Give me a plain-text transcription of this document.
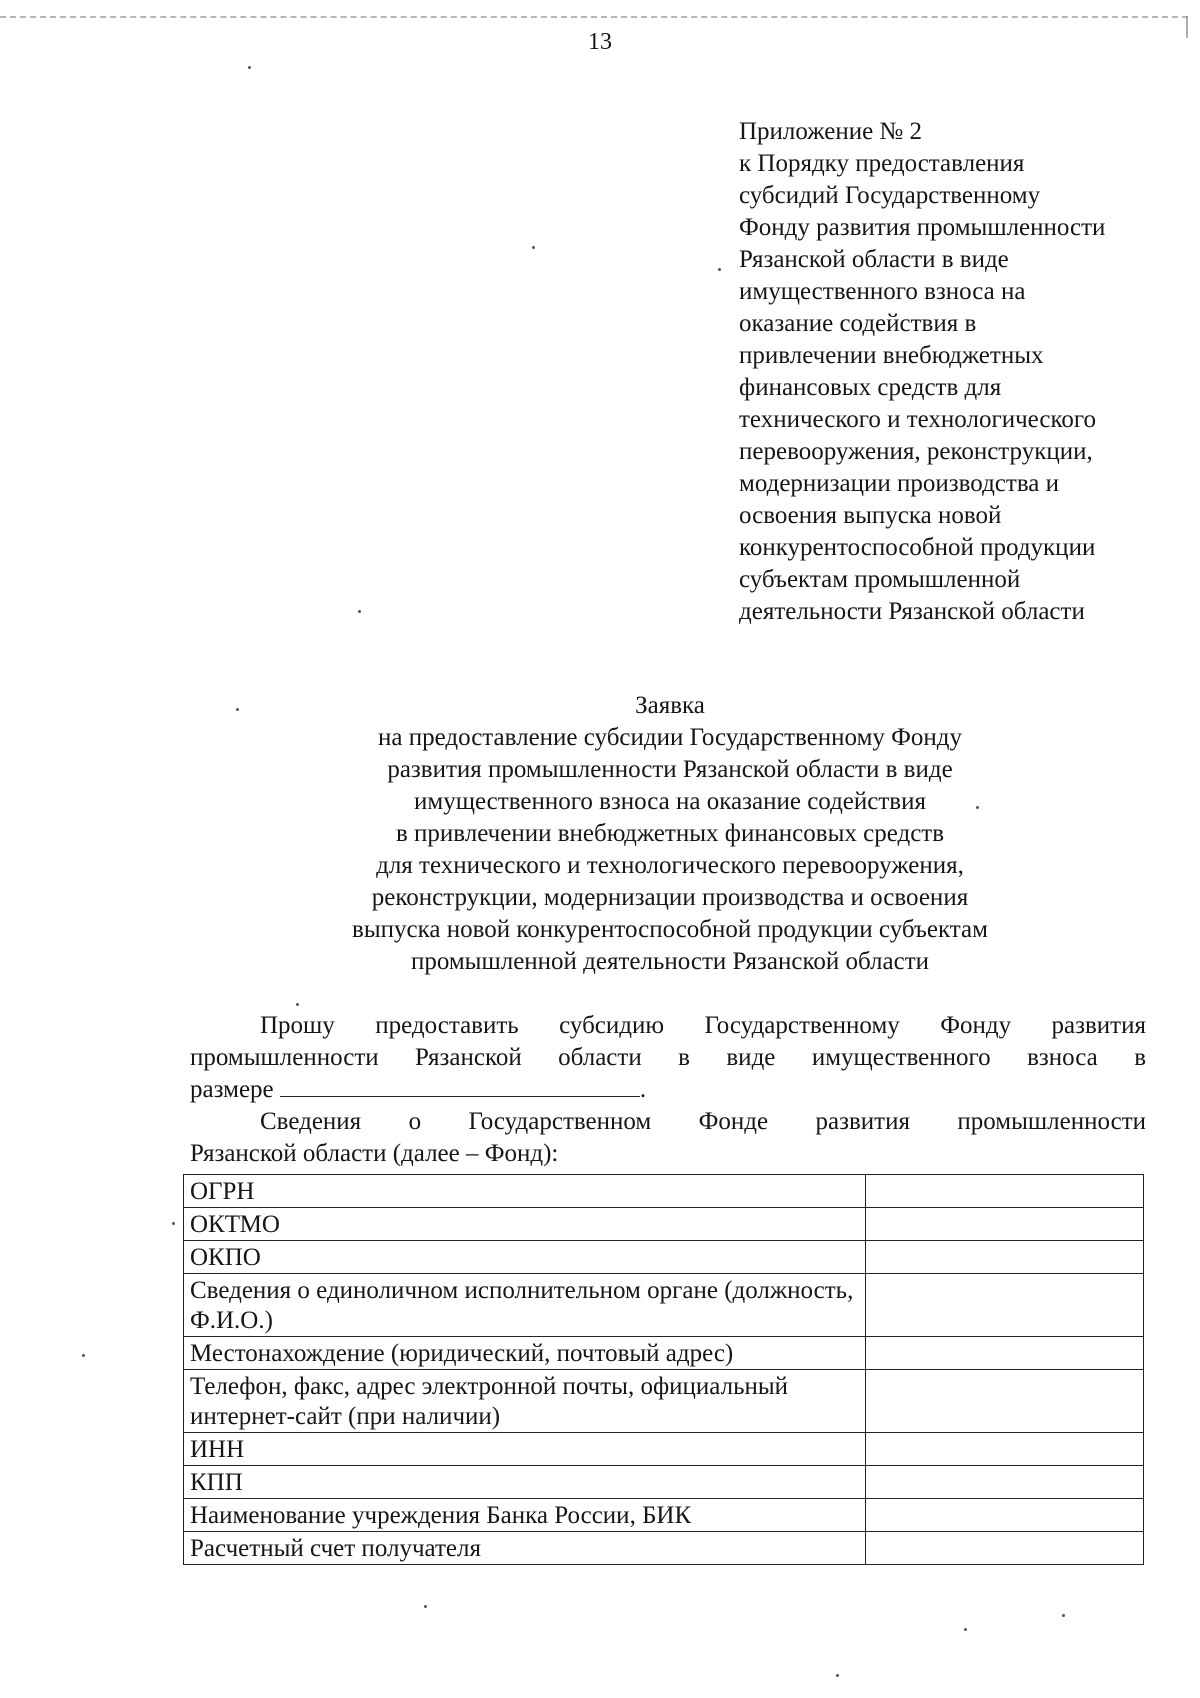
13
Приложение № 2
к Порядку предоставления
субсидий Государственному
Фонду развития промышленности
Рязанской области в виде
имущественного взноса на
оказание содействия в
привлечении внебюджетных
финансовых средств для
технического и технологического
перевооружения, реконструкции,
модернизации производства и
освоения выпуска новой
конкурентоспособной продукции
субъектам промышленной
деятельности Рязанской области
Заявка
на предоставление субсидии Государственному Фонду
развития промышленности Рязанской области в виде
имущественного взноса на оказание содействия
в привлечении внебюджетных финансовых средств
для технического и технологического перевооружения,
реконструкции, модернизации производства и освоения
выпуска новой конкурентоспособной продукции субъектам
промышленной деятельности Рязанской области
Прошу предоставить субсидию Государственному Фонду развития
промышленности Рязанской области в виде имущественного взноса в
размере	.
Сведения о Государственном Фонде развития промышленности
Рязанской области (далее – Фонд):
ОГРН	
ОКТМО	
ОКПО	
Сведения о единоличном исполнительном органе (должность, Ф.И.О.)	
Местонахождение (юридический, почтовый адрес)	
Телефон, факс, адрес электронной почты, официальный интернет-сайт (при наличии)	
ИНН	
КПП	
Наименование учреждения Банка России, БИК	
Расчетный счет получателя	
